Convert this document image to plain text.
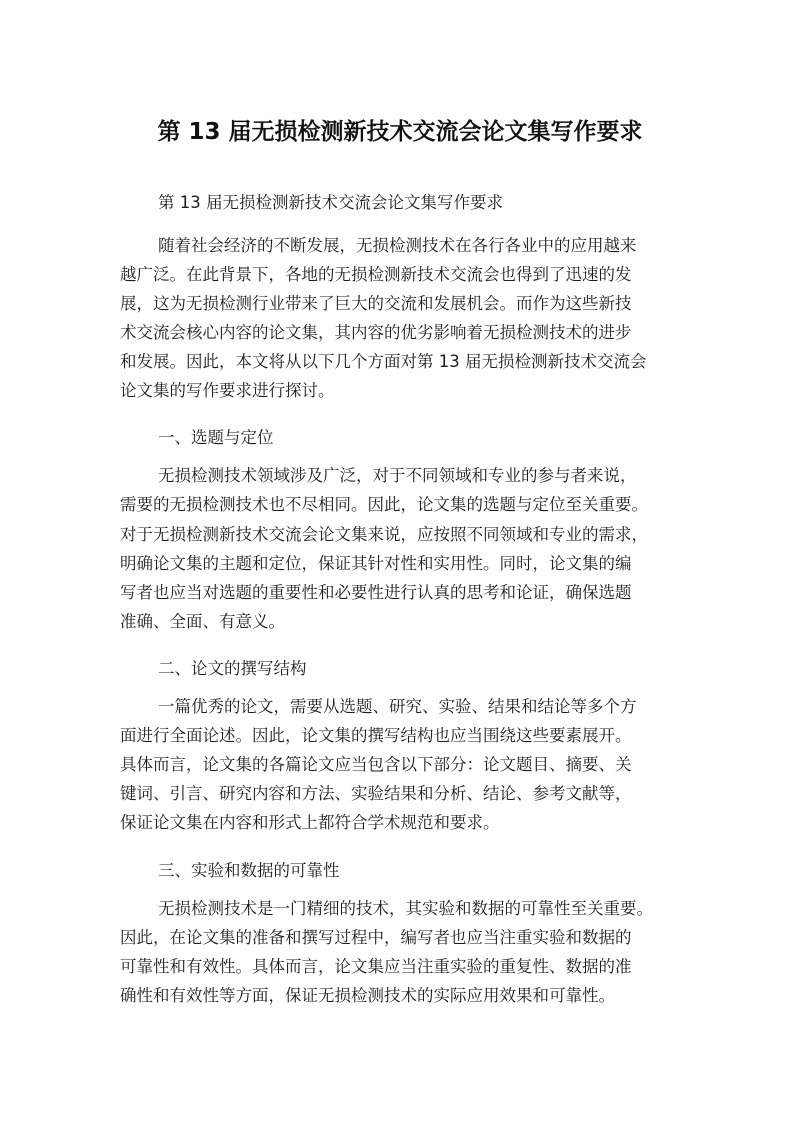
第 13 届无损检测新技术交流会论文集写作要求

第 13 届无损检测新技术交流会论文集写作要求

随着社会经济的不断发展，无损检测技术在各行各业中的应用越来

越广泛。在此背景下，各地的无损检测新技术交流会也得到了迅速的发

展，这为无损检测行业带来了巨大的交流和发展机会。而作为这些新技

术交流会核心内容的论文集，其内容的优劣影响着无损检测技术的进步

和发展。因此，本文将从以下几个方面对第 13 届无损检测新技术交流会

论文集的写作要求进行探讨。

一、选题与定位

无损检测技术领域涉及广泛，对于不同领域和专业的参与者来说，

需要的无损检测技术也不尽相同。因此，论文集的选题与定位至关重要。

对于无损检测新技术交流会论文集来说，应按照不同领域和专业的需求，

明确论文集的主题和定位，保证其针对性和实用性。同时，论文集的编

写者也应当对选题的重要性和必要性进行认真的思考和论证，确保选题

准确、全面、有意义。

二、论文的撰写结构

一篇优秀的论文，需要从选题、研究、实验、结果和结论等多个方

面进行全面论述。因此，论文集的撰写结构也应当围绕这些要素展开。

具体而言，论文集的各篇论文应当包含以下部分：论文题目、摘要、关

键词、引言、研究内容和方法、实验结果和分析、结论、参考文献等，

保证论文集在内容和形式上都符合学术规范和要求。

三、实验和数据的可靠性

无损检测技术是一门精细的技术，其实验和数据的可靠性至关重要。

因此，在论文集的准备和撰写过程中，编写者也应当注重实验和数据的

可靠性和有效性。具体而言，论文集应当注重实验的重复性、数据的准

确性和有效性等方面，保证无损检测技术的实际应用效果和可靠性。
